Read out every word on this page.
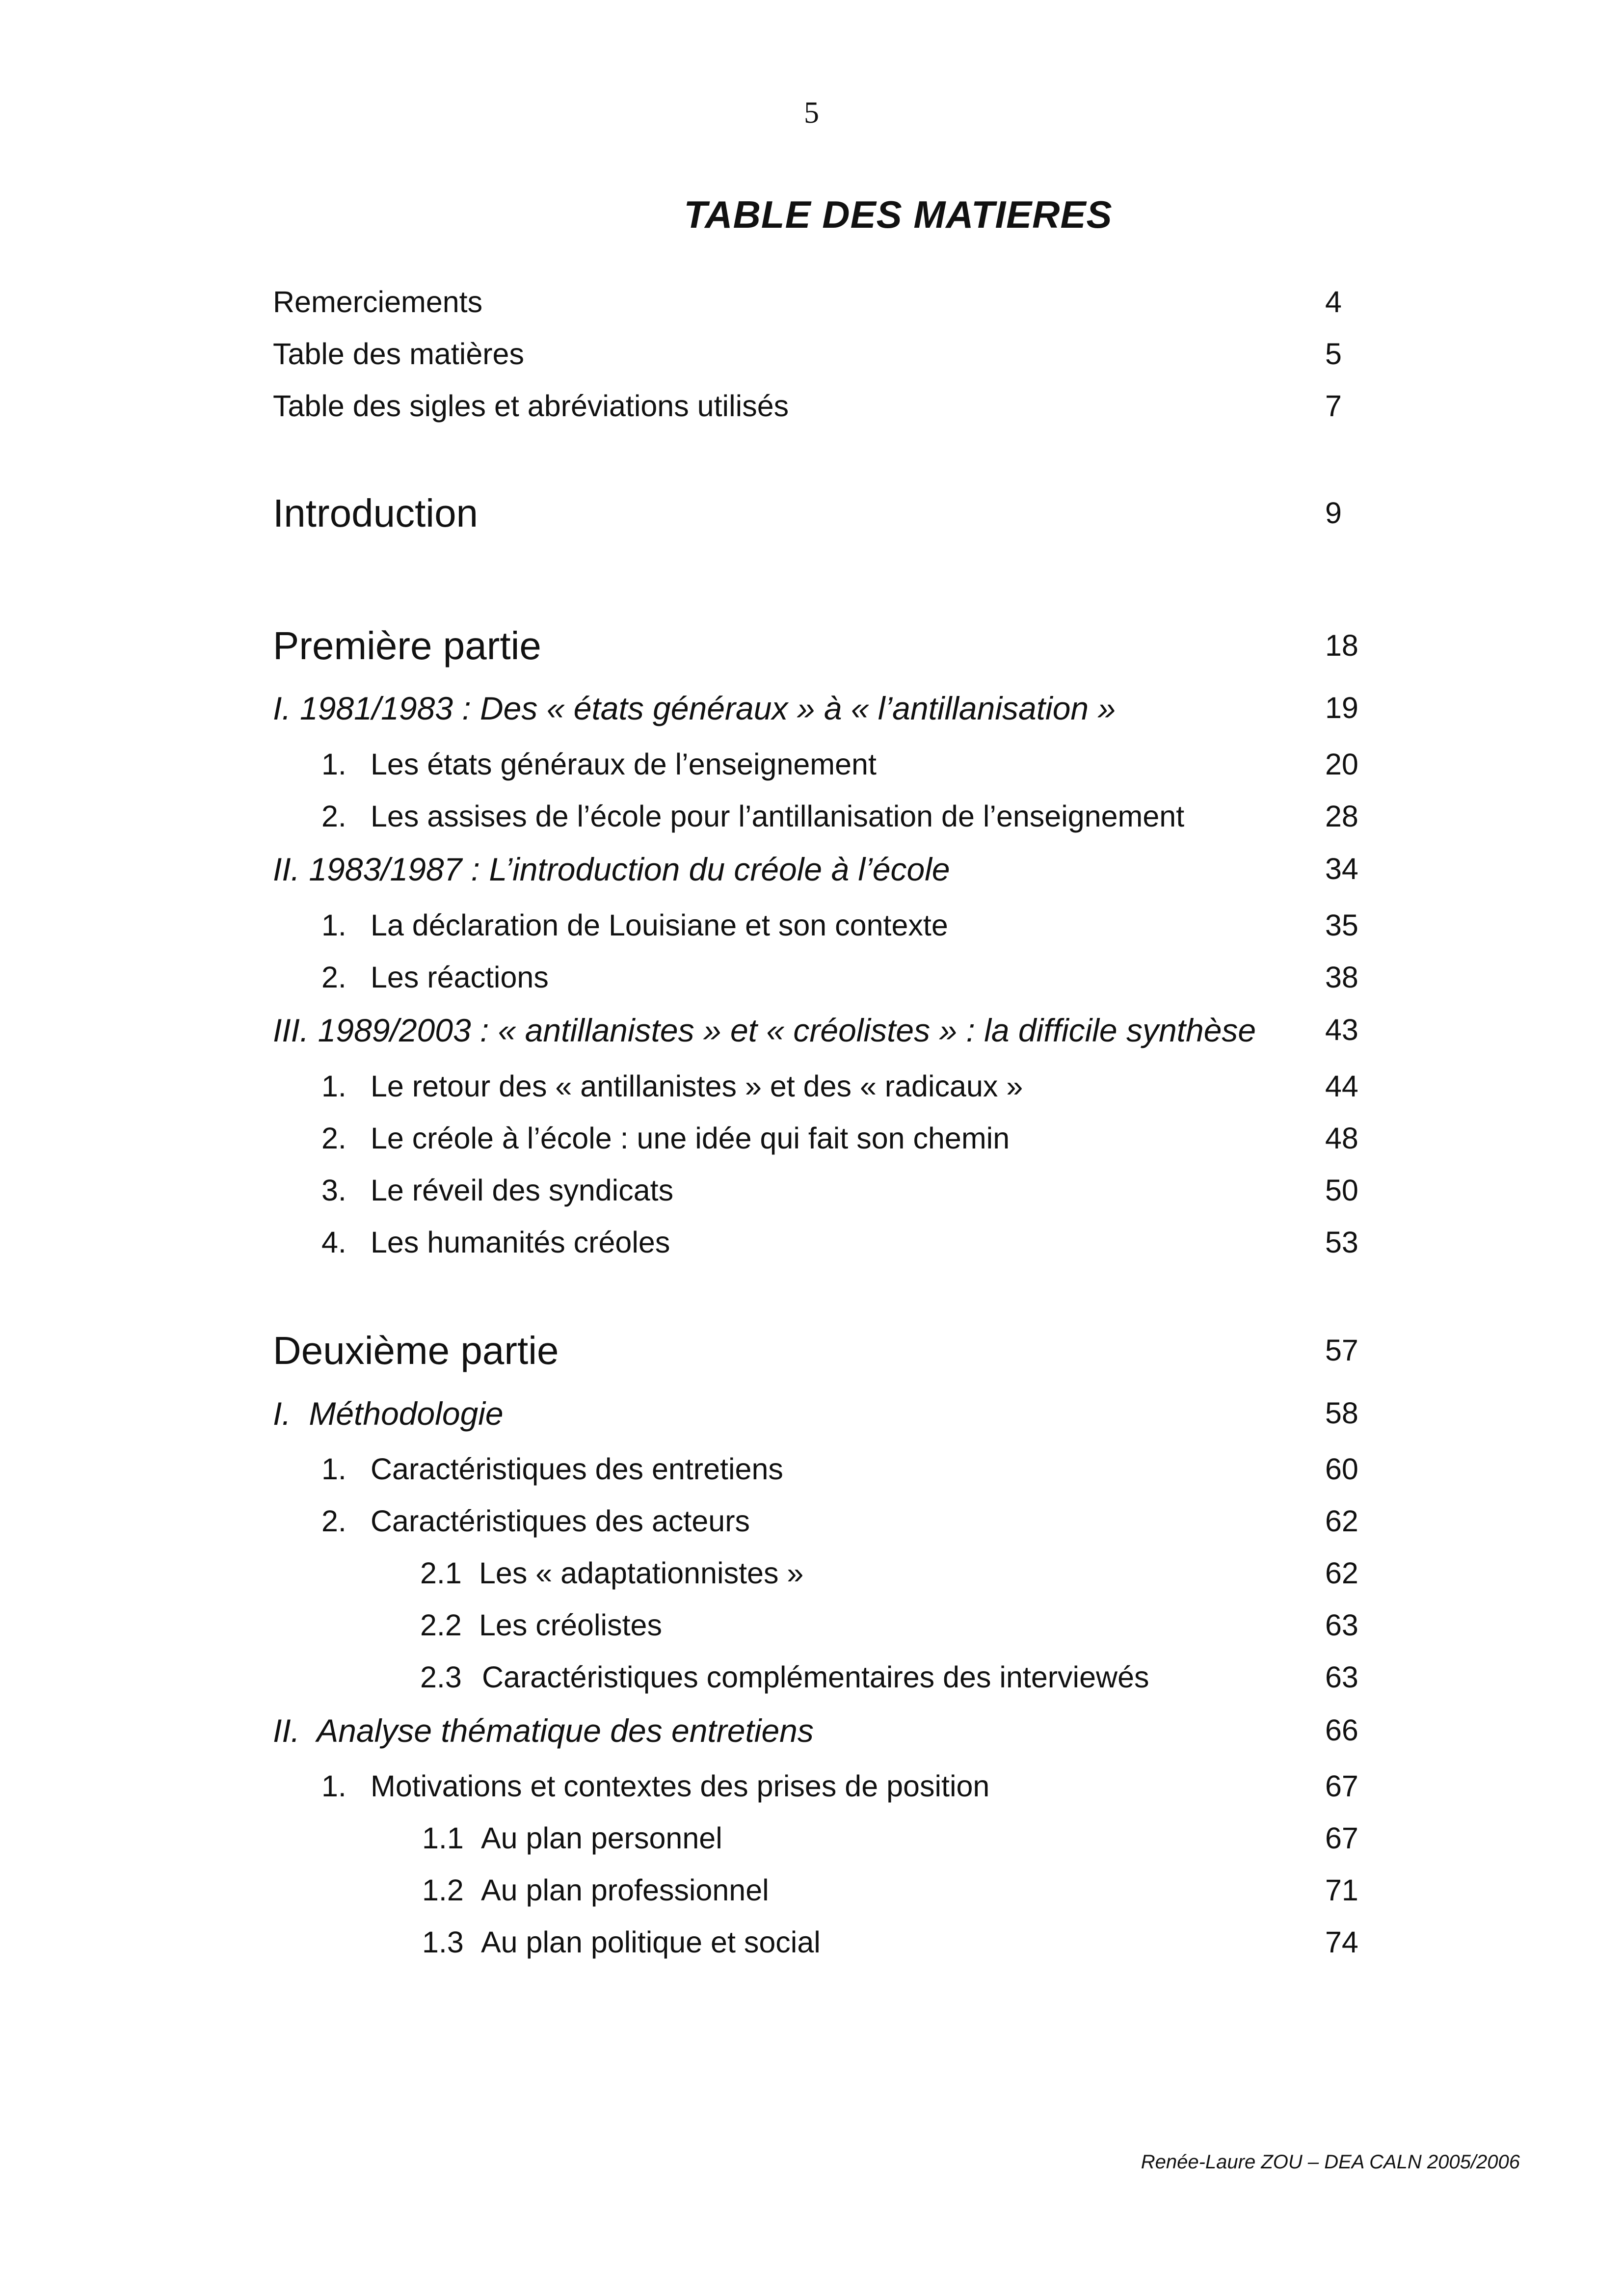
5
TABLE DES MATIERES
Remerciements	4
Table des matières	5
Table des sigles et abréviations utilisés	7
Introduction	9
Première partie	18
I. 1981/1983 : Des « états généraux » à « l’antillanisation »	19
1. Les états généraux de l’enseignement	20
2. Les assises de l’école pour l’antillanisation de l’enseignement	28
II. 1983/1987 : L’introduction du créole à l’école	34
1. La déclaration de Louisiane et son contexte	35
2. Les réactions	38
III. 1989/2003 : « antillanistes » et « créolistes » : la difficile synthèse 43
1. Le retour des « antillanistes » et des « radicaux »	44
2. Le créole à l’école : une idée qui fait son chemin	48
3. Le réveil des syndicats	50
4. Les humanités créoles	53
Deuxième partie	57
I.  Méthodologie	58
1. Caractéristiques des entretiens	60
2. Caractéristiques des acteurs	62
2.1 Les « adaptationnistes »	62
2.2 Les créolistes	63
2.3 Caractéristiques complémentaires des interviewés	63
II.  Analyse thématique des entretiens	66
1. Motivations et contextes des prises de position	67
1.1 Au plan personnel	67
1.2 Au plan professionnel	71
1.3 Au plan politique et social	74
Renée-Laure ZOU – DEA CALN 2005/2006
